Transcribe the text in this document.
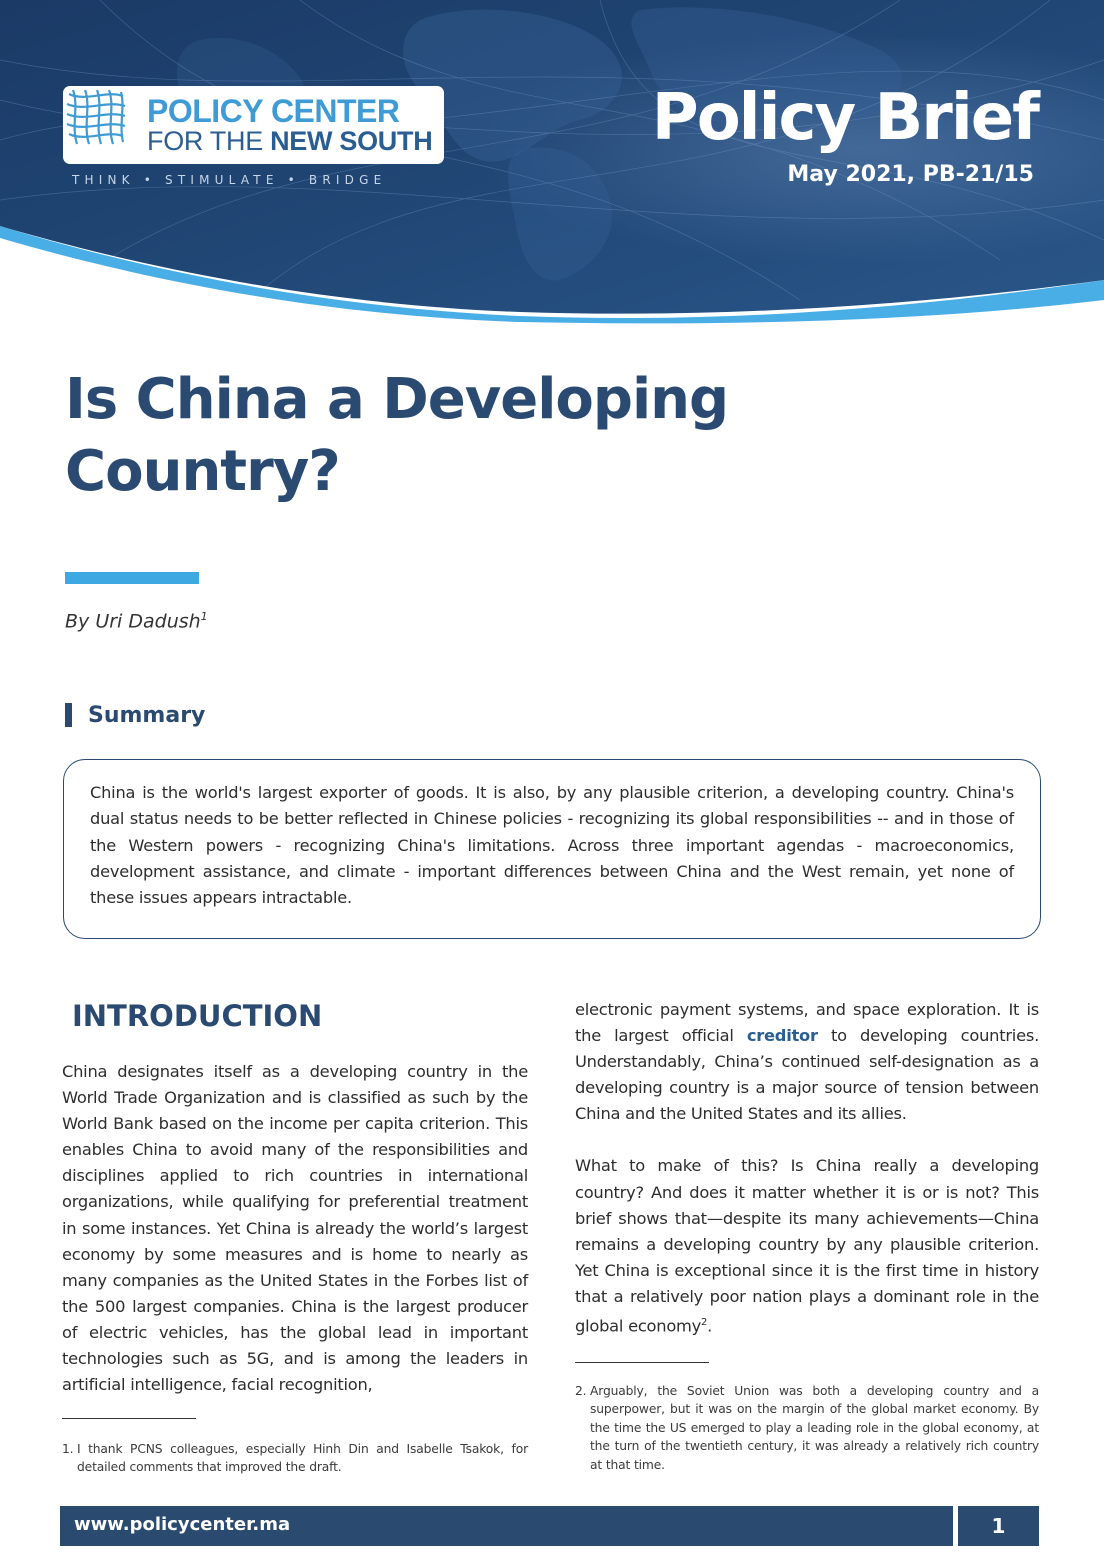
POLICY CENTER
FOR THE NEW SOUTH
THINK • STIMULATE • BRIDGE
Policy Brief
May 2021, PB-21/15
Is China a Developing Country?
By Uri Dadush$^1$
Summary

China is the world's largest exporter of goods. It is also, by any plausible criterion, a developing country. China's dual status needs to be better reflected in Chinese policies - recognizing its global responsibilities -- and in those of the Western powers - recognizing China's limitations. Across three important agendas - macroeconomics, development assistance, and climate - important differences between China and the West remain, yet none of these issues appears intractable.

INTRODUCTION

China designates itself as a developing country in the World Trade Organization and is classified as such by the World Bank based on the income per capita criterion. This enables China to avoid many of the responsibilities and disciplines applied to rich countries in international organizations, while qualifying for preferential treatment in some instances. Yet China is already the world’s largest economy by some measures and is home to nearly as many companies as the United States in the Forbes list of the 500 largest companies. China is the largest producer of electric vehicles, has the global lead in important technologies such as 5G, and is among the leaders in artificial intelligence, facial recognition,

electronic payment systems, and space exploration. It is the largest official creditor to developing countries. Understandably, China’s continued self-designation as a developing country is a major source of tension between China and the United States and its allies.

What to make of this? Is China really a developing country? And does it matter whether it is or is not? This brief shows that—despite its many achievements—China remains a developing country by any plausible criterion. Yet China is exceptional since it is the first time in history that a relatively poor nation plays a dominant role in the global economy$^2$.

1. I thank PCNS colleagues, especially Hinh Din and Isabelle Tsakok, for detailed comments that improved the draft.
2. Arguably, the Soviet Union was both a developing country and a superpower, but it was on the margin of the global market economy. By the time the US emerged to play a leading role in the global economy, at the turn of the twentieth century, it was already a relatively rich country at that time.
www.policycenter.ma	1
